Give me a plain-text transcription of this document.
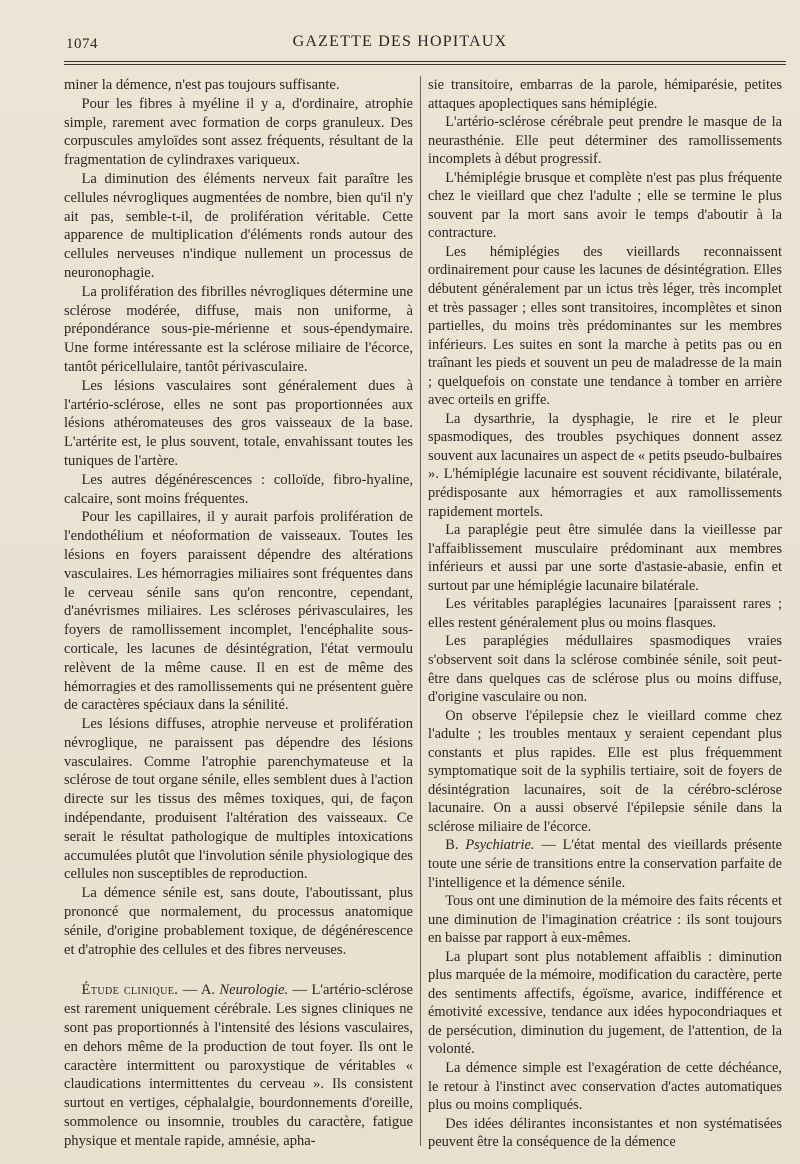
1074	GAZETTE DES HOPITAUX

miner la démence, n'est pas toujours suffisante.

Pour les fibres à myéline il y a, d'ordinaire, atrophie simple, rarement avec formation de corps granuleux. Des corpuscules amyloïdes sont assez fréquents, résultant de la fragmentation de cylindraxes variqueux.

La diminution des éléments nerveux fait paraître les cellules névrogliques augmentées de nombre, bien qu'il n'y ait pas, semble-t-il, de prolifération véritable. Cette apparence de multiplication d'éléments ronds autour des cellules nerveuses n'indique nullement un processus de neuronophagie.

La prolifération des fibrilles névrogliques détermine une sclérose modérée, diffuse, mais non uniforme, à prépondérance sous-pie-mérienne et sous-épendymaire. Une forme intéressante est la sclérose miliaire de l'écorce, tantôt péricellulaire, tantôt périvasculaire.

Les lésions vasculaires sont généralement dues à l'artério-sclérose, elles ne sont pas proportionnées aux lésions athéromateuses des gros vaisseaux de la base. L'artérite est, le plus souvent, totale, envahissant toutes les tuniques de l'artère.

Les autres dégénérescences : colloïde, fibro-hyaline, calcaire, sont moins fréquentes.

Pour les capillaires, il y aurait parfois prolifération de l'endothélium et néoformation de vaisseaux. Toutes les lésions en foyers paraissent dépendre des altérations vasculaires. Les hémorragies miliaires sont fréquentes dans le cerveau sénile sans qu'on rencontre, cependant, d'anévrismes miliaires. Les scléroses périvasculaires, les foyers de ramollissement incomplet, l'encéphalite sous-corticale, les lacunes de désintégration, l'état vermoulu relèvent de la même cause. Il en est de même des hémorragies et des ramollissements qui ne présentent guère de caractères spéciaux dans la sénilité.

Les lésions diffuses, atrophie nerveuse et prolifération névroglique, ne paraissent pas dépendre des lésions vasculaires. Comme l'atrophie parenchymateuse et la sclérose de tout organe sénile, elles semblent dues à l'action directe sur les tissus des mêmes toxiques, qui, de façon indépendante, produisent l'altération des vaisseaux. Ce serait le résultat pathologique de multiples intoxications accumulées plutôt que l'involution sénile physiologique des cellules non susceptibles de reproduction.

La démence sénile est, sans doute, l'aboutissant, plus prononcé que normalement, du processus anatomique sénile, d'origine probablement toxique, de dégénérescence et d'atrophie des cellules et des fibres nerveuses.

Étude clinique. — A. Neurologie. — L'artério-sclérose est rarement uniquement cérébrale. Les signes cliniques ne sont pas proportionnés à l'intensité des lésions vasculaires, en dehors même de la production de tout foyer. Ils ont le caractère intermittent ou paroxystique de véritables « claudications intermittentes du cerveau ». Ils consistent surtout en vertiges, céphalalgie, bourdonnements d'oreille, sommolence ou insomnie, troubles du caractère, fatigue physique et mentale rapide, amnésie, apha-

sie transitoire, embarras de la parole, hémiparésie, petites attaques apoplectiques sans hémiplégie.

L'artério-sclérose cérébrale peut prendre le masque de la neurasthénie. Elle peut déterminer des ramollissements incomplets à début progressif.

L'hémiplégie brusque et complète n'est pas plus fréquente chez le vieillard que chez l'adulte ; elle se termine le plus souvent par la mort sans avoir le temps d'aboutir à la contracture.

Les hémiplégies des vieillards reconnaissent ordinairement pour cause les lacunes de désintégration. Elles débutent généralement par un ictus très léger, très incomplet et très passager ; elles sont transitoires, incomplètes et sinon partielles, du moins très prédominantes sur les membres inférieurs. Les suites en sont la marche à petits pas ou en traînant les pieds et souvent un peu de maladresse de la main ; quelquefois on constate une tendance à tomber en arrière avec orteils en griffe.

La dysarthrie, la dysphagie, le rire et le pleur spasmodiques, des troubles psychiques donnent assez souvent aux lacunaires un aspect de « petits pseudo-bulbaires ». L'hémiplégie lacunaire est souvent récidivante, bilatérale, prédisposante aux hémorragies et aux ramollissements rapidement mortels.

La paraplégie peut être simulée dans la vieillesse par l'affaiblissement musculaire prédominant aux membres inférieurs et aussi par une sorte d'astasie-abasie, enfin et surtout par une hémiplégie lacunaire bilatérale.

Les véritables paraplégies lacunaires [paraissent rares ; elles restent généralement plus ou moins flasques.

Les paraplégies médullaires spasmodiques vraies s'observent soit dans la sclérose combinée sénile, soit peut-être dans quelques cas de sclérose plus ou moins diffuse, d'origine vasculaire ou non.

On observe l'épilepsie chez le vieillard comme chez l'adulte ; les troubles mentaux y seraient cependant plus constants et plus rapides. Elle est plus fréquemment symptomatique soit de la syphilis tertiaire, soit de foyers de désintégration lacunaires, soit de la cérébro-sclérose lacunaire. On a aussi observé l'épilepsie sénile dans la sclérose miliaire de l'écorce.

B. Psychiatrie. — L'état mental des vieillards présente toute une série de transitions entre la conservation parfaite de l'intelligence et la démence sénile.

Tous ont une diminution de la mémoire des faits récents et une diminution de l'imagination créatrice : ils sont toujours en baisse par rapport à eux-mêmes.

La plupart sont plus notablement affaiblis : diminution plus marquée de la mémoire, modification du caractère, perte des sentiments affectifs, égoïsme, avarice, indifférence et émotivité excessive, tendance aux idées hypocondriaques et de persécution, diminution du jugement, de l'attention, de la volonté.

La démence simple est l'exagération de cette déchéance, le retour à l'instinct avec conservation d'actes automatiques plus ou moins compliqués.

Des idées délirantes inconsistantes et non systématisées peuvent être la conséquence de la démence
